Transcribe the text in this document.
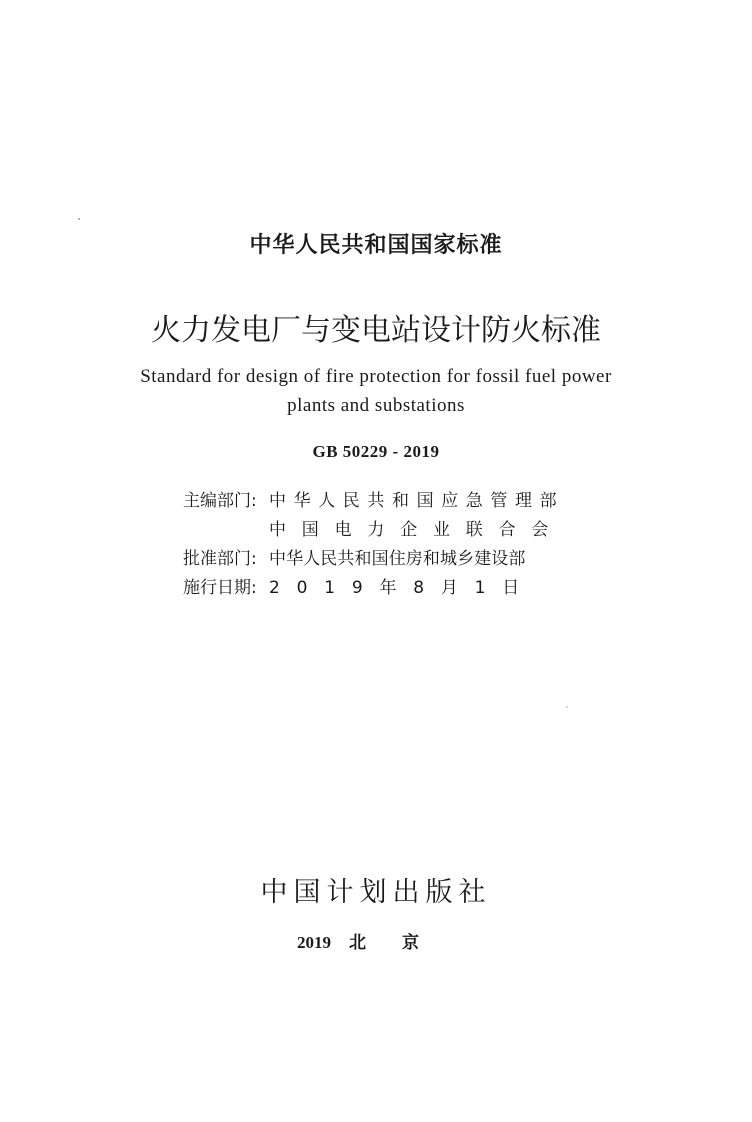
中华人民共和国国家标准
火力发电厂与变电站设计防火标准
Standard for design of fire protection for fossil fuel power
plants and substations
GB 50229 - 2019
主编部门: 中华人民共和国应急管理部
中国电力企业联合会
批准部门: 中华人民共和国住房和城乡建设部
施行日期: 2019年8月1日
中国计划出版社
2019 北京
